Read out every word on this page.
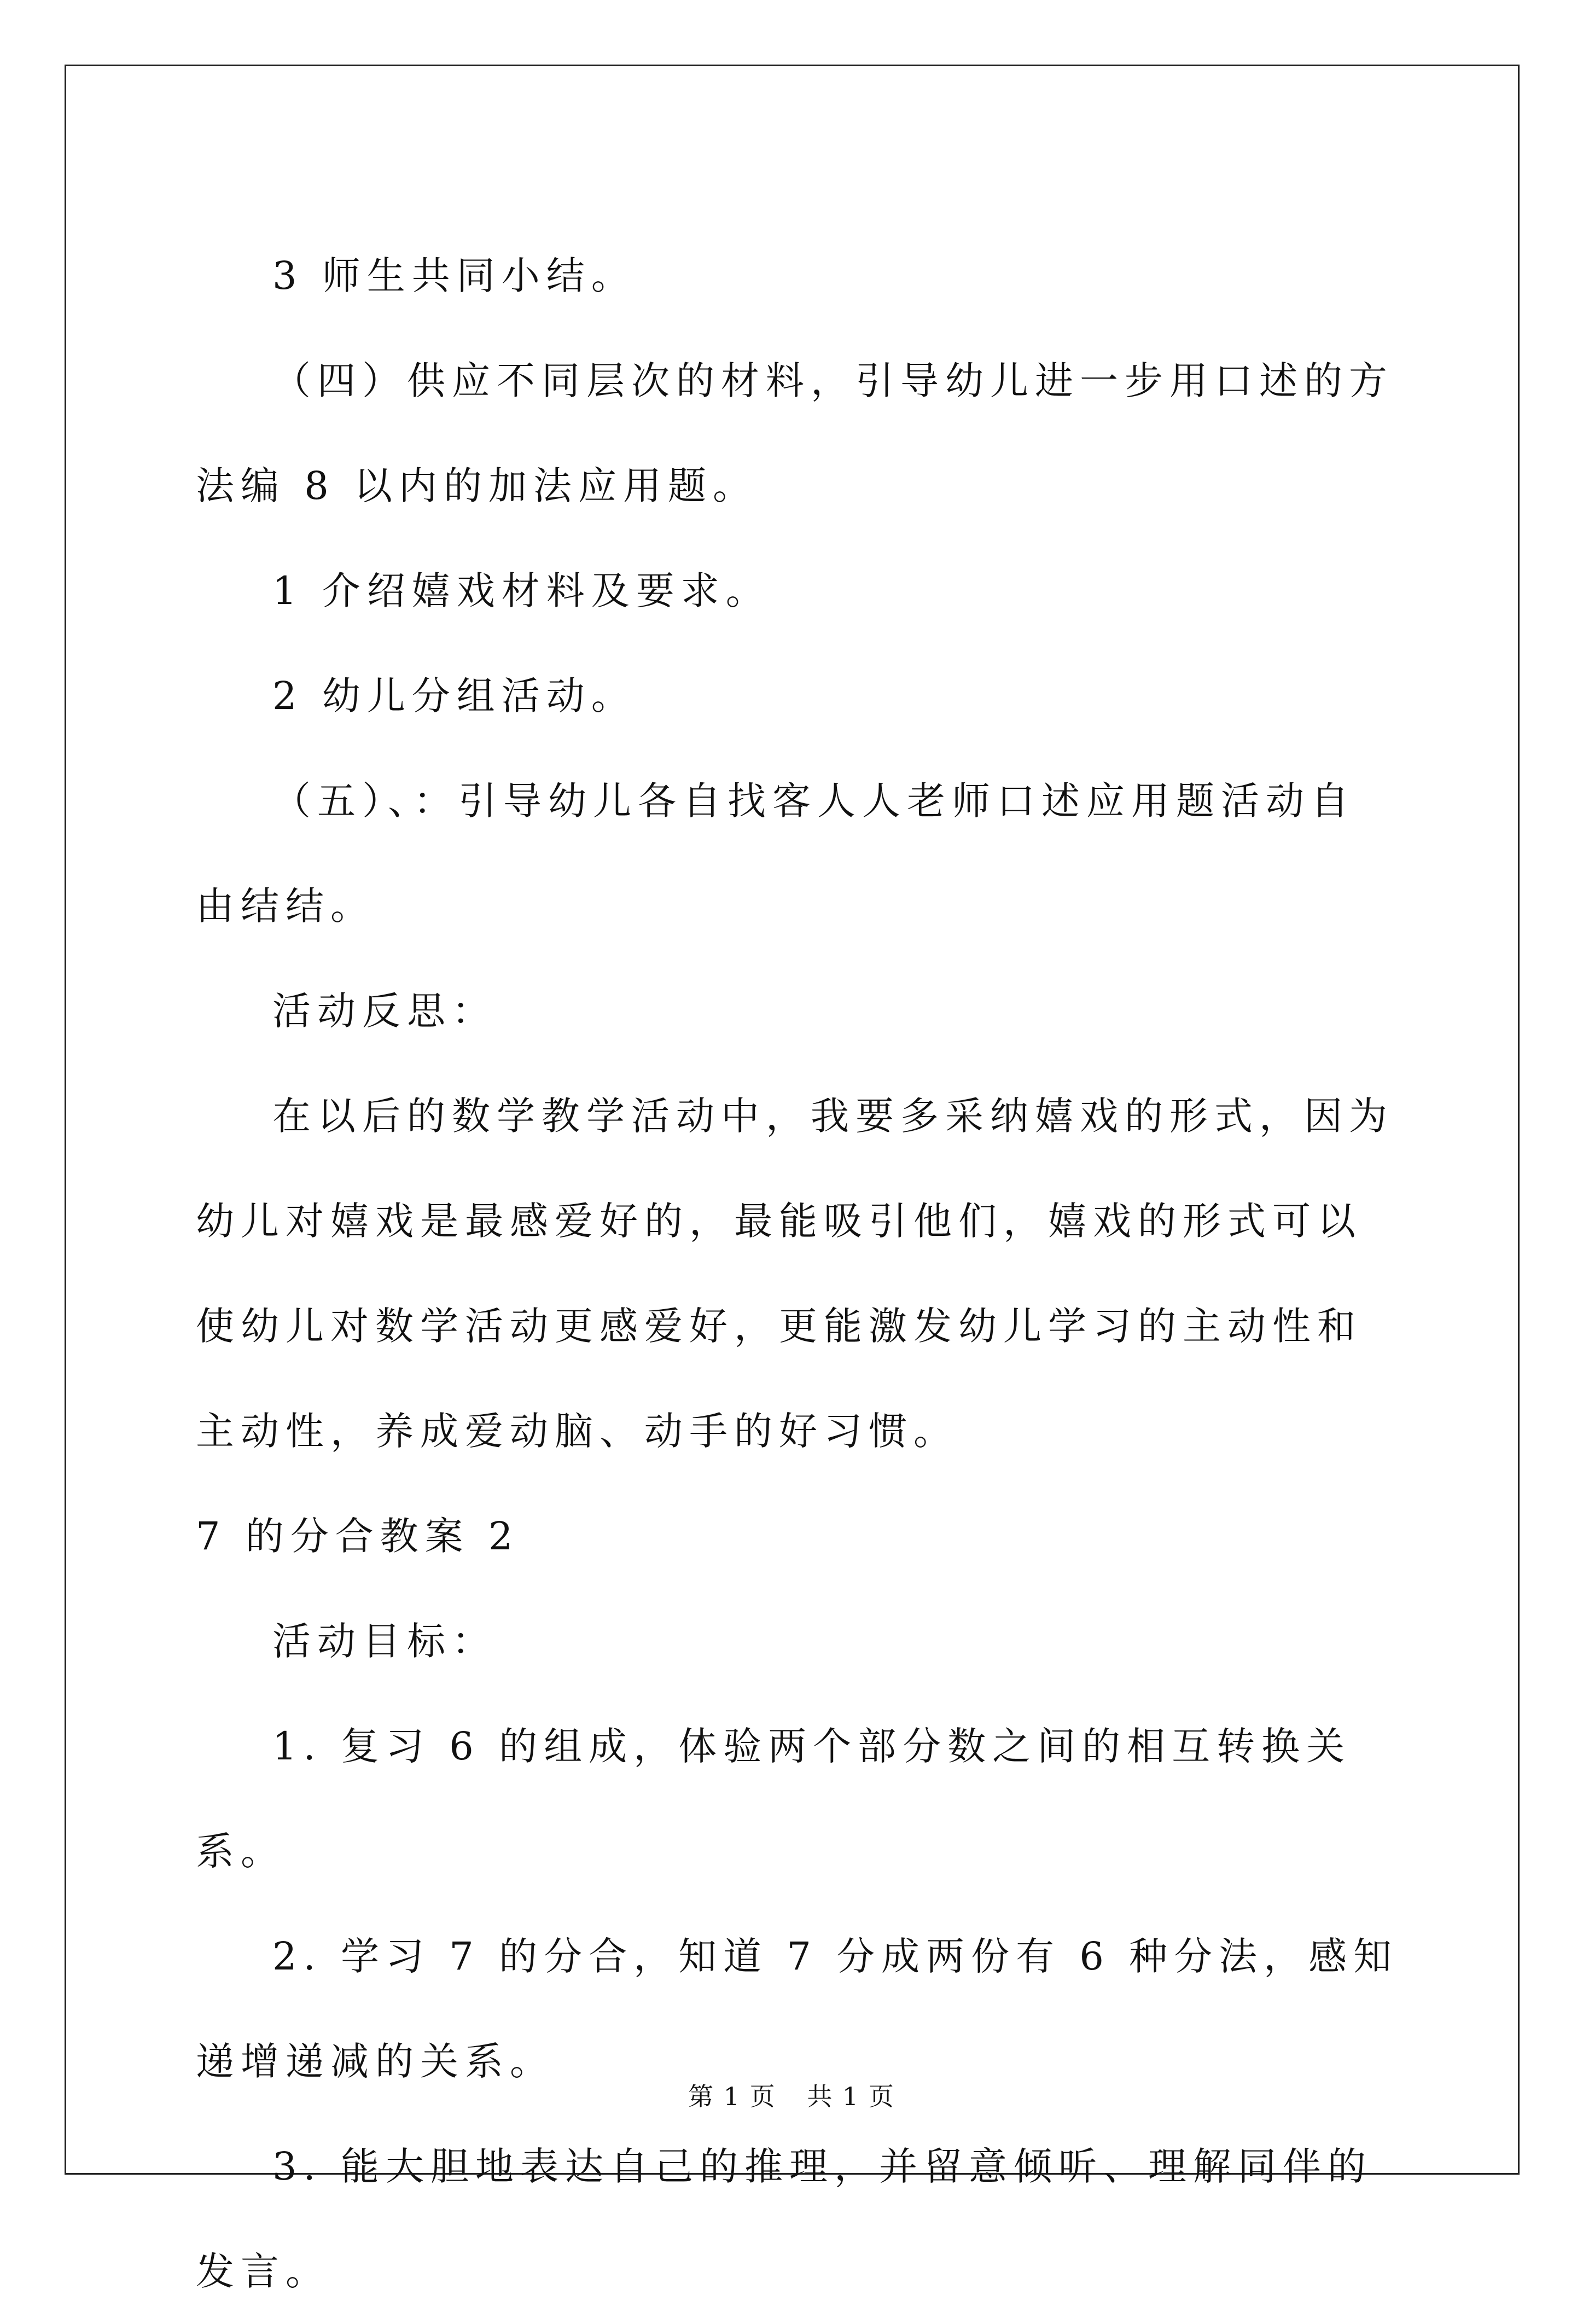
3 师生共同小结。

（四）供应不同层次的材料，引导幼儿进一步用口述的方法编 8 以内的加法应用题。

1 介绍嬉戏材料及要求。

2 幼儿分组活动。

（五）、：引导幼儿各自找客人人老师口述应用题活动自由结结。

活动反思：

在以后的数学教学活动中，我要多采纳嬉戏的形式，因为幼儿对嬉戏是最感爱好的，最能吸引他们，嬉戏的形式可以使幼儿对数学活动更感爱好，更能激发幼儿学习的主动性和主动性，养成爱动脑、动手的好习惯。

7 的分合教案 2

活动目标：

1. 复习 6 的组成，体验两个部分数之间的相互转换关系。

2. 学习 7 的分合，知道 7 分成两份有 6 种分法，感知递增递减的关系。

3. 能大胆地表达自己的推理，并留意倾听、理解同伴的发言。

第 1 页 共 1 页
